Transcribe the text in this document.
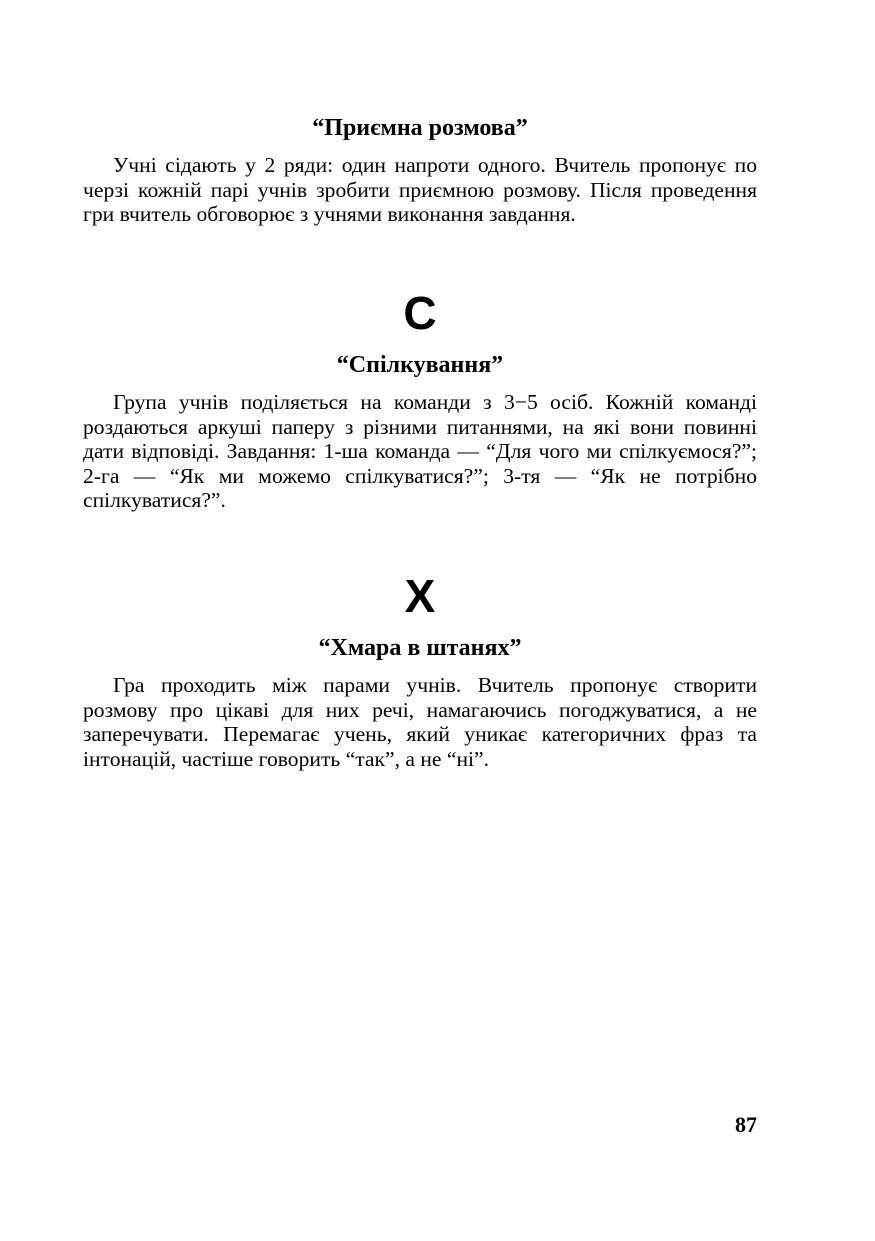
“Приємна розмова”

Учні сідають у 2 ряди: один напроти одного. Вчитель пропонує по черзі кожній парі учнів зробити приємною розмову. Після проведення гри вчитель обговорює з учнями виконання завдання.

С
“Спілкування”

Група учнів поділяється на команди з 3−5 осіб. Кожній команді роздаються аркуші паперу з різними питаннями, на які вони повинні дати відповіді. Завдання: 1-ша команда — “Для чого ми спілкуємося?”; 2-га — “Як ми можемо спілкуватися?”; 3-тя — “Як не потрібно спілкуватися?”.

Х
“Хмара в штанях”

Гра проходить між парами учнів. Вчитель пропонує створити розмову про цікаві для них речі, намагаючись погоджуватися, а не заперечувати. Перемагає учень, який уникає категоричних фраз та інтонацій, частіше говорить “так”, а не “ні”.

87
